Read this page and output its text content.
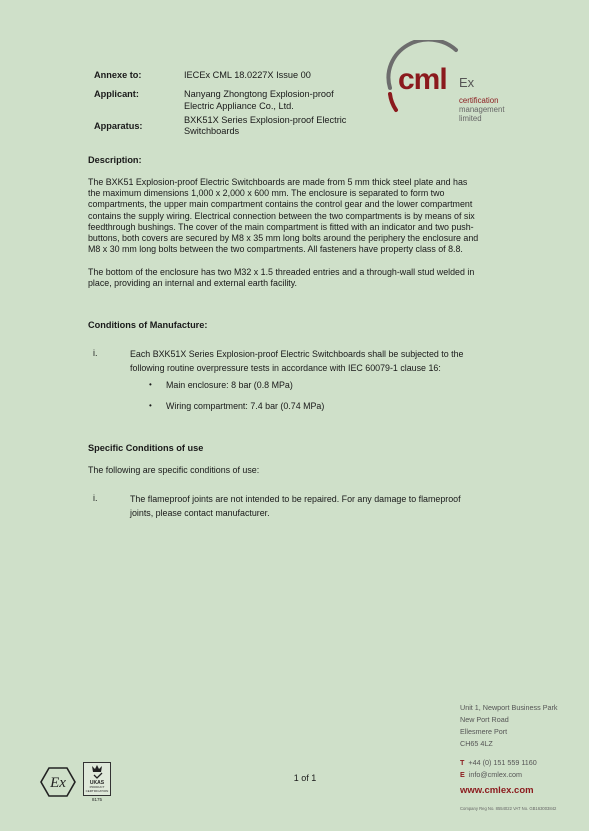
Annexe to:	IECEx CML 18.0227X Issue 00
Applicant:	Nanyang Zhongtong Explosion-proof
Electric Appliance Co., Ltd.
Apparatus:
BXK51X Series Explosion-proof Electric
Switchboards
cml Ex
certification
management
limited
Description:
The BXK51 Explosion-proof Electric Switchboards are made from 5 mm thick steel plate and has
the maximum dimensions 1,000 x 2,000 x 600 mm. The enclosure is separated to form two
compartments, the upper main compartment contains the control gear and the lower compartment
contains the supply wiring. Electrical connection between the two compartments is by means of six
feedthrough bushings. The cover of the main compartment is fitted with an indicator and two push-
buttons, both covers are secured by M8 x 35 mm long bolts around the periphery the enclosure and
M8 x 30 mm long bolts between the two compartments. All fasteners have property class of 8.8.
The bottom of the enclosure has two M32 x 1.5 threaded entries and a through-wall stud welded in
place, providing an internal and external earth facility.
Conditions of Manufacture:
i.	Each BXK51X Series Explosion-proof Electric Switchboards shall be subjected to the
following routine overpressure tests in accordance with IEC 60079-1 clause 16:
• Main enclosure: 8 bar (0.8 MPa)
• Wiring compartment: 7.4 bar (0.74 MPa)
Specific Conditions of use
The following are specific conditions of use:
i.	The flameproof joints are not intended to be repaired. For any damage to flameproof
joints, please contact manufacturer.
Ex	UKAS
PRODUCT
CERTIFICATION
8175
1 of 1
Unit 1, Newport Business Park
New Port Road
Ellesmere Port
CH65 4LZ
T +44 (0) 151 559 1160
E info@cmlex.com
www.cmlex.com
Company Reg No. 8554022 VAT No. GB163003842
